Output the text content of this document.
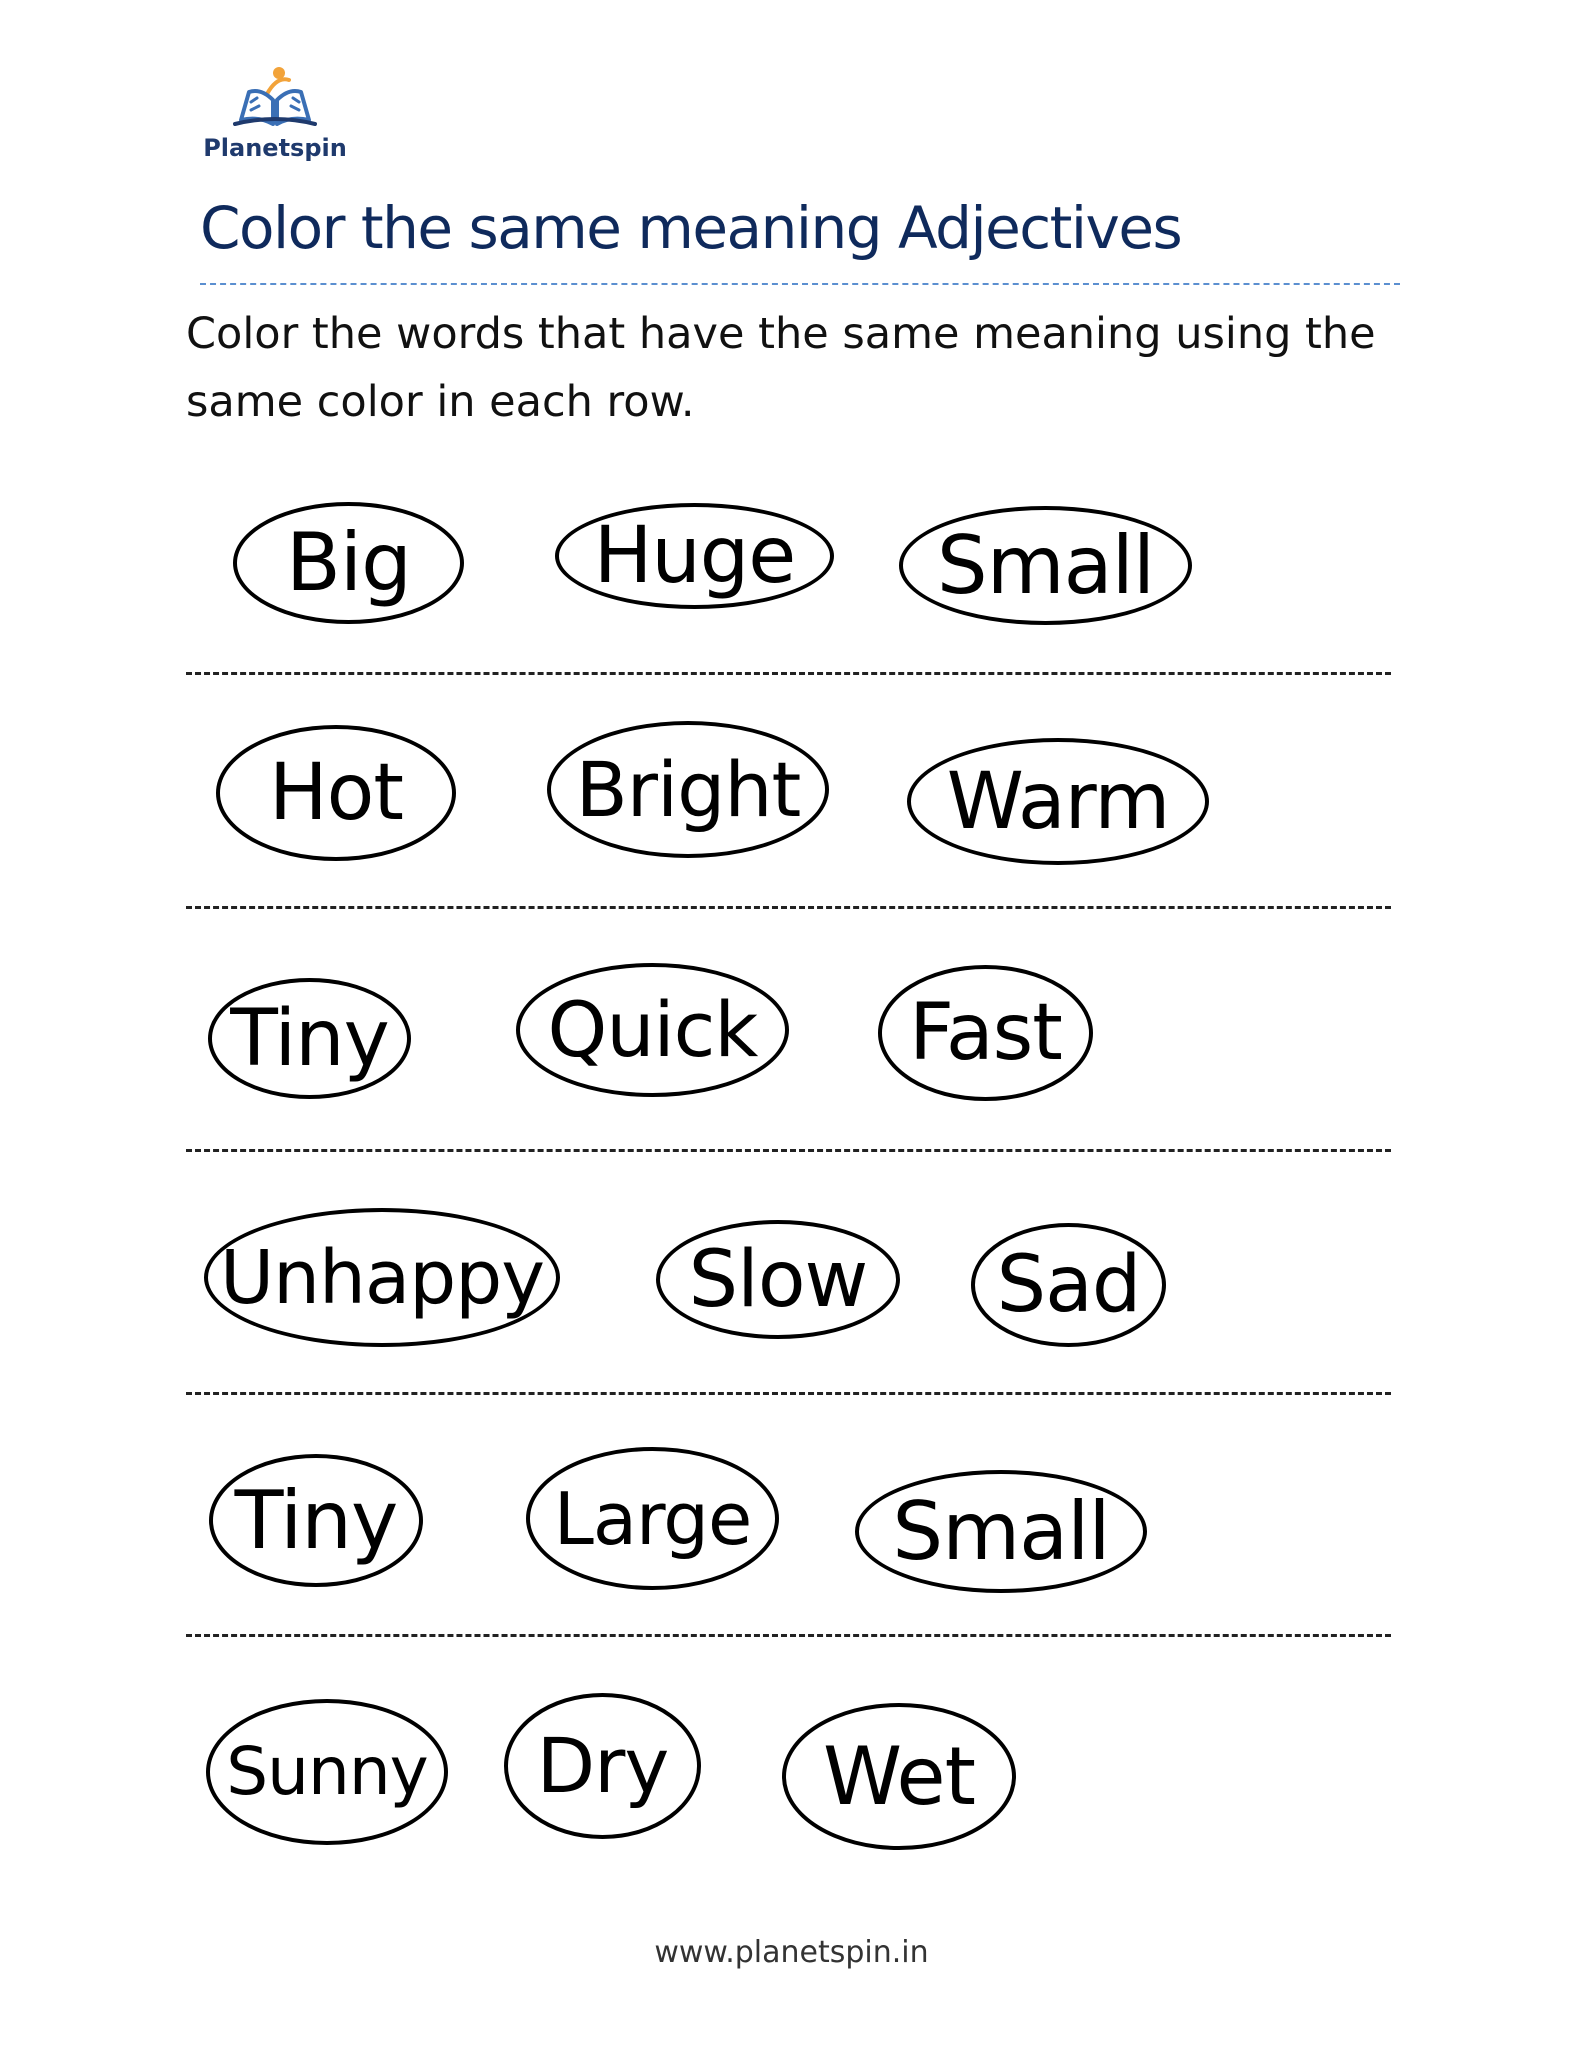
Planetspin
Color the same meaning Adjectives

Color the words that have the same meaning using the same color in each row.

Big Huge Small
Hot Bright Warm
Tiny Quick Fast
Unhappy Slow Sad
Tiny Large Small
Sunny Dry Wet
www.planetspin.in
